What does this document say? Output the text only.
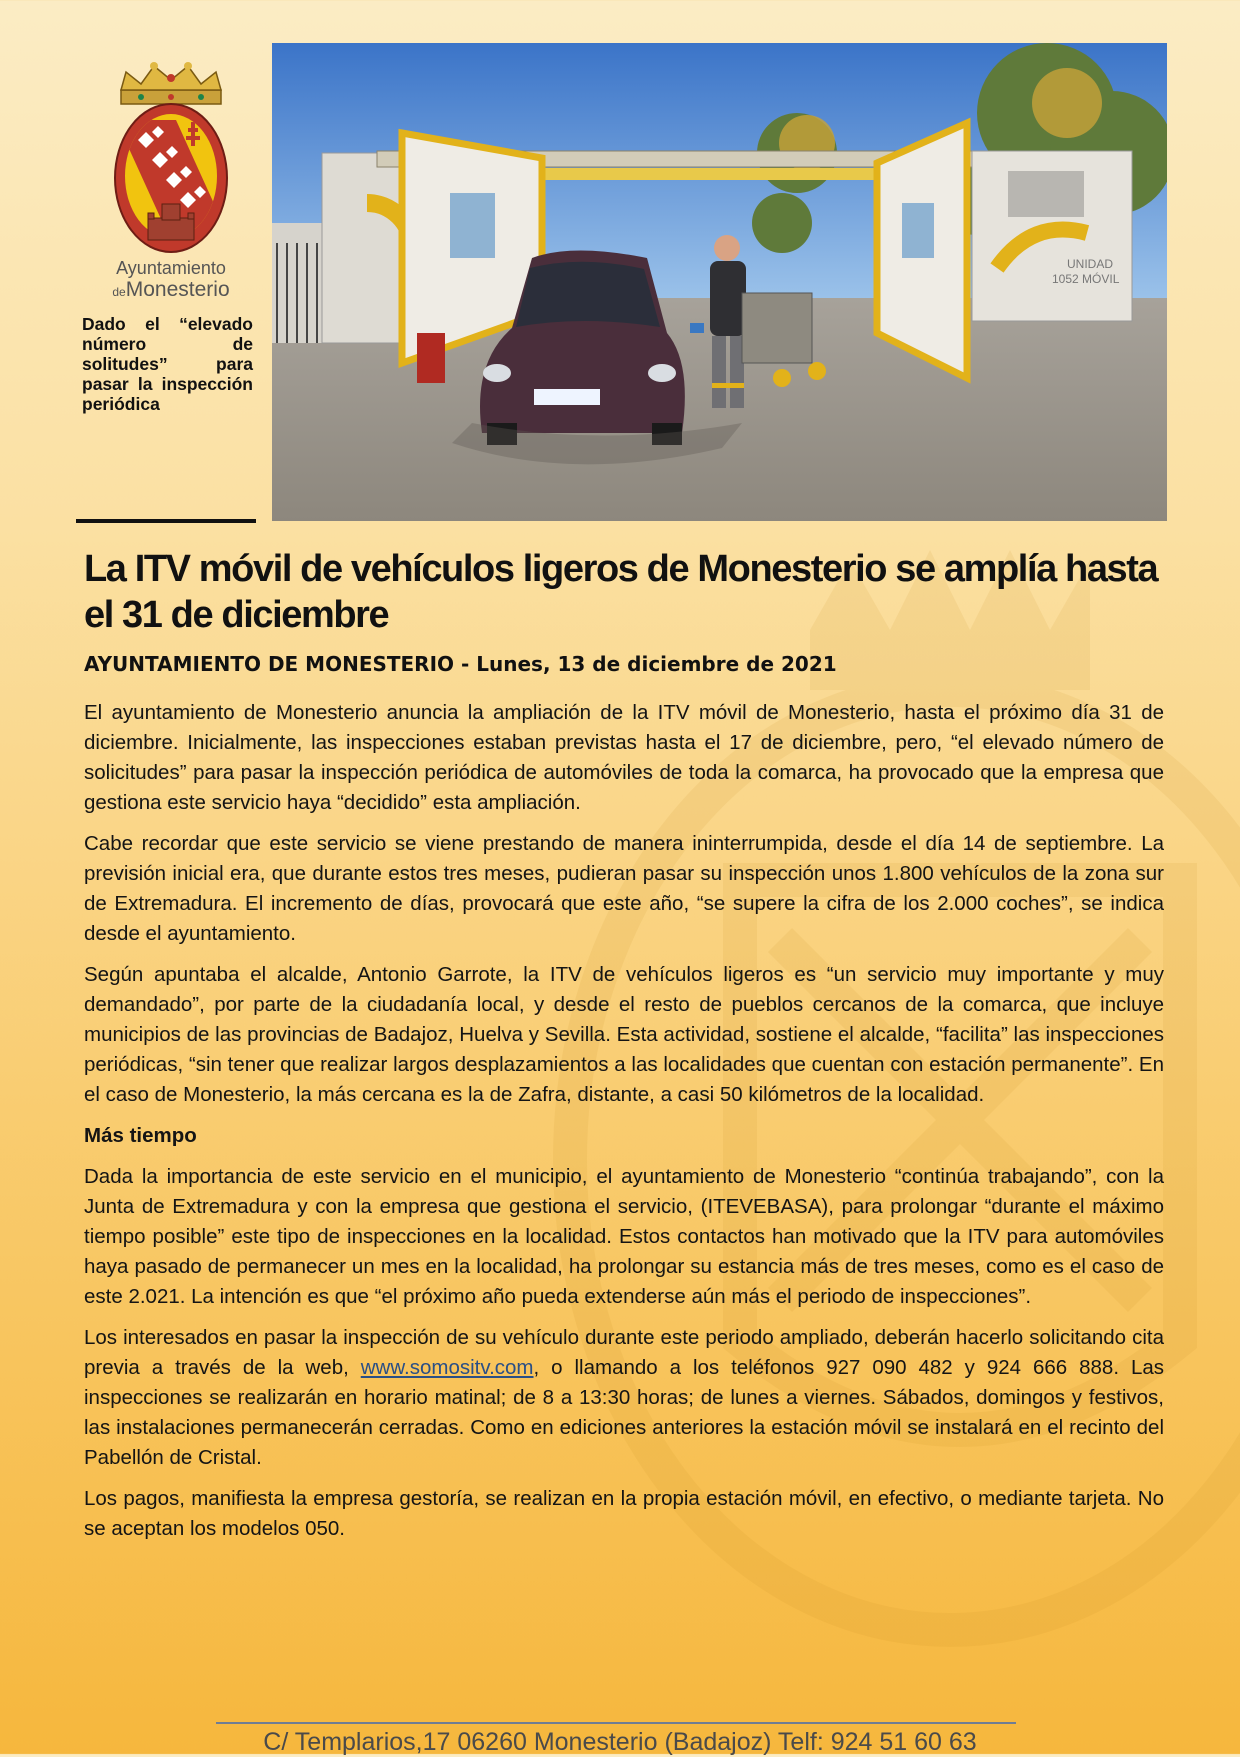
Ayuntamiento
deMonesterio

Dado el “elevado número de solitudes” para pasar la inspección periódica

UNIDAD
1052 MÓVIL
La ITV móvil de vehículos ligeros de Monesterio se amplía hasta el 31 de diciembre

AYUNTAMIENTO DE MONESTERIO - Lunes, 13 de diciembre de 2021

El ayuntamiento de Monesterio anuncia la ampliación de la ITV móvil de Monesterio, hasta el próximo día 31 de diciembre. Inicialmente, las inspecciones estaban previstas hasta el 17 de diciembre, pero, “el elevado número de solicitudes” para pasar la inspección periódica de automóviles de toda la comarca, ha provocado que la empresa que gestiona este servicio haya “decidido” esta ampliación.

Cabe recordar que este servicio se viene prestando de manera ininterrumpida, desde el día 14 de septiembre. La previsión inicial era, que durante estos tres meses, pudieran pasar su inspección unos 1.800 vehículos de la zona sur de Extremadura. El incremento de días, provocará que este año, “se supere la cifra de los 2.000 coches”, se indica desde el ayuntamiento.

Según apuntaba el alcalde, Antonio Garrote, la ITV de vehículos ligeros es “un servicio muy importante y muy demandado”, por parte de la ciudadanía local, y desde el resto de pueblos cercanos de la comarca, que incluye municipios de las provincias de Badajoz, Huelva y Sevilla. Esta actividad, sostiene el alcalde, “facilita” las inspecciones periódicas, “sin tener que realizar largos desplazamientos a las localidades que cuentan con estación permanente”. En el caso de Monesterio, la más cercana es la de Zafra, distante, a casi 50 kilómetros de la localidad.

Más tiempo

Dada la importancia de este servicio en el municipio, el ayuntamiento de Monesterio “continúa trabajando”, con la Junta de Extremadura y con la empresa que gestiona el servicio, (ITEVEBASA), para prolongar “durante el máximo tiempo posible” este tipo de inspecciones en la localidad. Estos contactos han motivado que la ITV para automóviles haya pasado de permanecer un mes en la localidad, ha prolongar su estancia más de tres meses, como es el caso de este 2.021. La intención es que “el próximo año pueda extenderse aún más el periodo de inspecciones”.

Los interesados en pasar la inspección de su vehículo durante este periodo ampliado, deberán hacerlo solicitando cita previa a través de la web, www.somositv.com, o llamando a los teléfonos 927 090 482 y 924 666 888. Las inspecciones se realizarán en horario matinal; de 8 a 13:30 horas; de lunes a viernes. Sábados, domingos y festivos, las instalaciones permanecerán cerradas. Como en ediciones anteriores la estación móvil se instalará en el recinto del Pabellón de Cristal.

Los pagos, manifiesta la empresa gestoría, se realizan en la propia estación móvil, en efectivo, o mediante tarjeta. No se aceptan los modelos 050.

C/ Templarios,17 06260 Monesterio (Badajoz) Telf: 924 51 60 63
